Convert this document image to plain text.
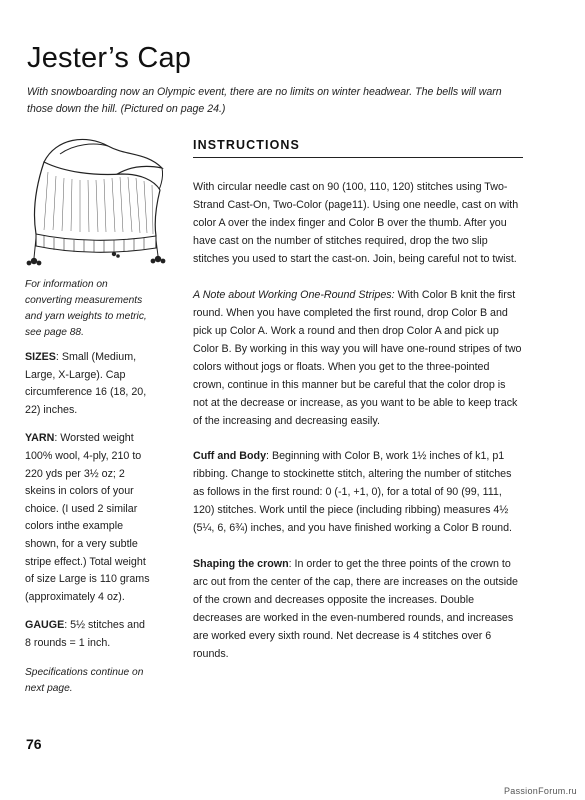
Jester’s Cap
With snowboarding now an Olympic event, there are no limits on winter headwear. The bells will warn
those down the hill. (Pictured on page 24.)

For information on converting measurements and yarn weights to metric, see page 88.

SIZES: Small (Medium, Large, X-Large). Cap circumference 16 (18, 20, 22) inches.

YARN: Worsted weight 100% wool, 4-ply, 210 to 220 yds per 3½ oz; 2 skeins in colors of your choice. (I used 2 similar colors inthe example shown, for a very subtle stripe effect.) Total weight of size Large is 110 grams (approximately 4 oz).

GAUGE: 5½ stitches and 8 rounds = 1 inch.

Specifications continue on next page.

INSTRUCTIONS

With circular needle cast on 90 (100, 110, 120) stitches using Two-Strand Cast-On, Two-Color (page11). Using one needle, cast on with color A over the index finger and Color B over the thumb. After you have cast on the number of stitches required, drop the two slip stitches you used to start the cast-on. Join, being careful not to twist.

A Note about Working One-Round Stripes: With Color B knit the first round. When you have completed the first round, drop Color B and pick up Color A. Work a round and then drop Color A and pick up Color B. By working in this way you will have one-round stripes of two colors without jogs or floats. When you get to the three-pointed crown, continue in this manner but be careful that the color drop is not at the decrease or increase, as you want to be able to keep track of the increasing and decreasing easily.

Cuff and Body: Beginning with Color B, work 1½ inches of k1, p1 ribbing. Change to stockinette stitch, altering the number of stitches as follows in the first round: 0 (-1, +1, 0), for a total of 90 (99, 111, 120) stitches. Work until the piece (including ribbing) measures 4½ (5¼, 6, 6¾) inches, and you have finished working a Color B round.

Shaping the crown: In order to get the three points of the crown to arc out from the center of the cap, there are increases on the outside of the crown and decreases opposite the increases. Double decreases are worked in the even-numbered rounds, and increases are worked every sixth round. Net decrease is 4 stitches over 6 rounds.

76
PassionForum.ru
